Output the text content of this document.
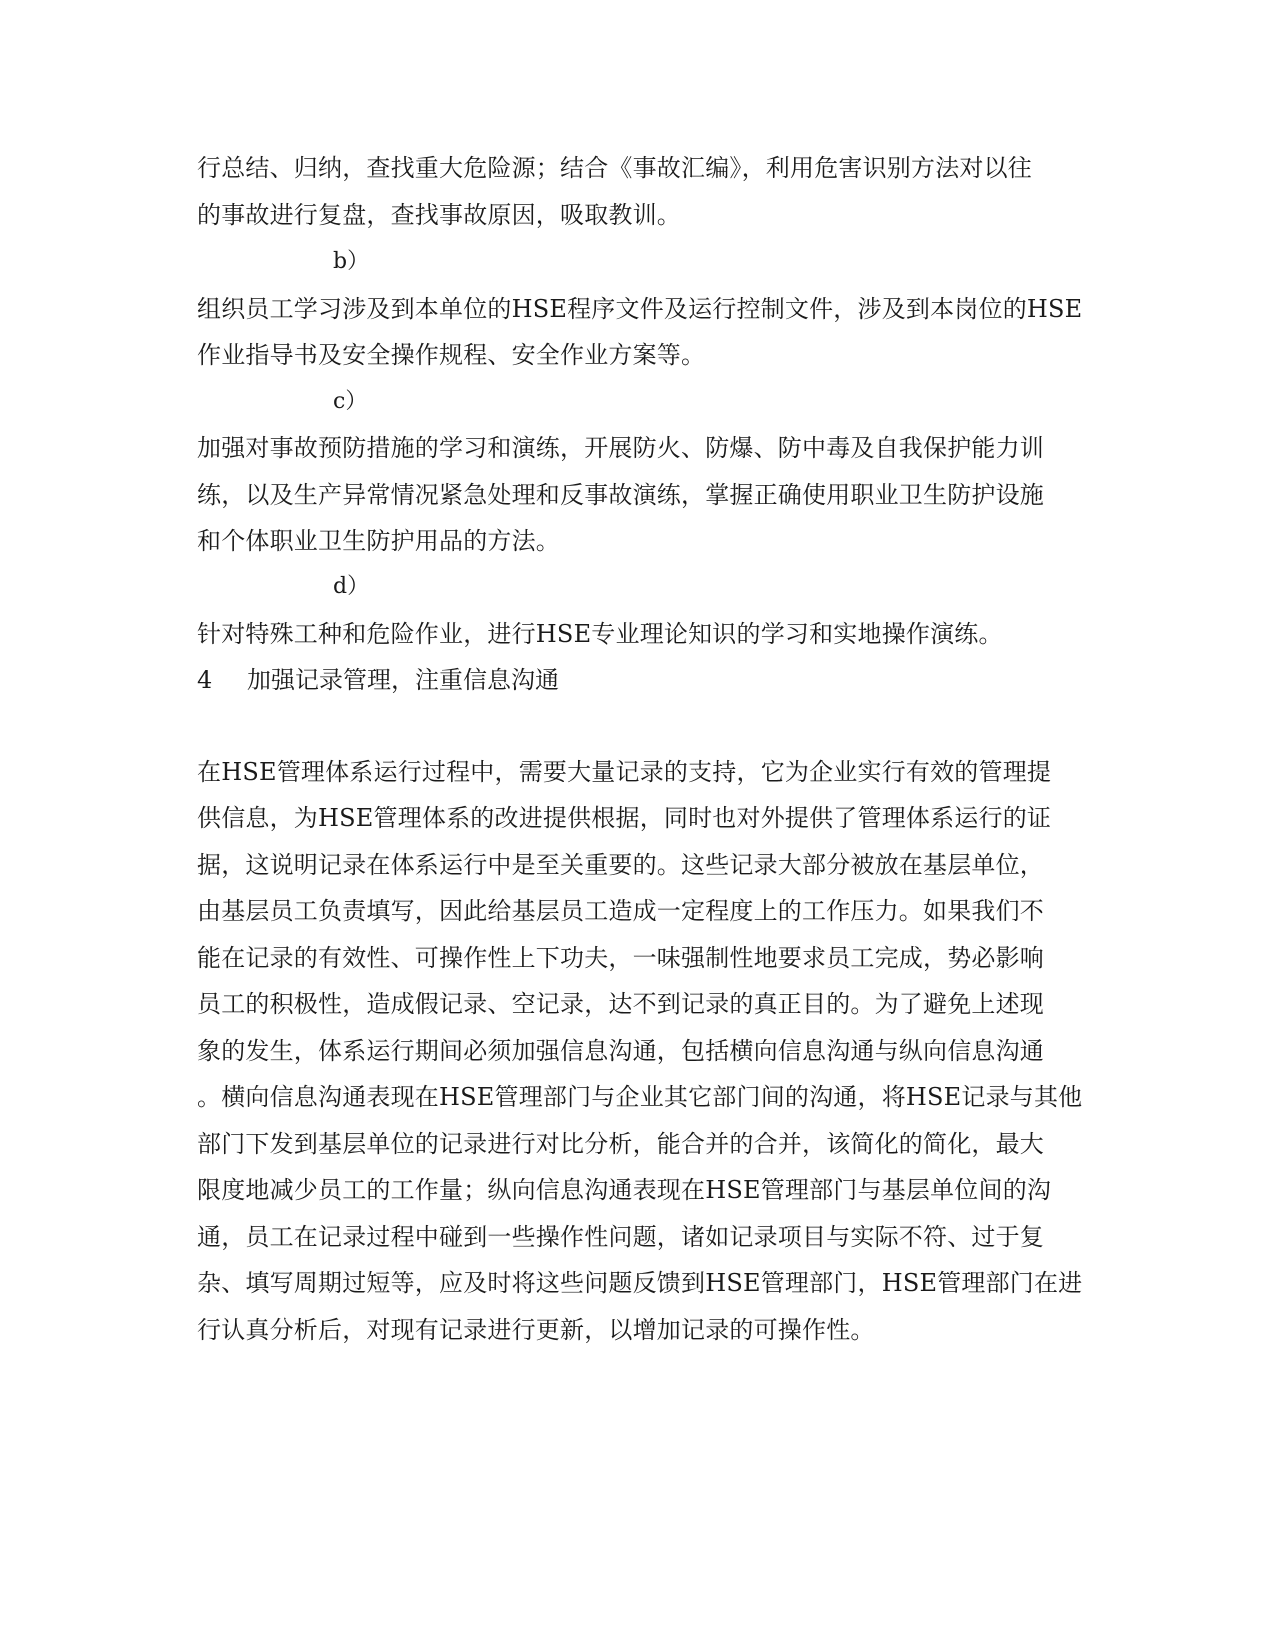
行总结、归纳，查找重大危险源；结合《事故汇编》，利用危害识别方法对以往
的事故进行复盘，查找事故原因，吸取教训。
b）
组织员工学习涉及到本单位的HSE程序文件及运行控制文件，涉及到本岗位的HSE
作业指导书及安全操作规程、安全作业方案等。
c）
加强对事故预防措施的学习和演练，开展防火、防爆、防中毒及自我保护能力训
练，以及生产异常情况紧急处理和反事故演练，掌握正确使用职业卫生防护设施
和个体职业卫生防护用品的方法。
d）
针对特殊工种和危险作业，进行HSE专业理论知识的学习和实地操作演练。
4 加强记录管理，注重信息沟通
在HSE管理体系运行过程中，需要大量记录的支持，它为企业实行有效的管理提
供信息，为HSE管理体系的改进提供根据，同时也对外提供了管理体系运行的证
据，这说明记录在体系运行中是至关重要的。这些记录大部分被放在基层单位，
由基层员工负责填写，因此给基层员工造成一定程度上的工作压力。如果我们不
能在记录的有效性、可操作性上下功夫，一味强制性地要求员工完成，势必影响
员工的积极性，造成假记录、空记录，达不到记录的真正目的。为了避免上述现
象的发生，体系运行期间必须加强信息沟通，包括横向信息沟通与纵向信息沟通
。横向信息沟通表现在HSE管理部门与企业其它部门间的沟通，将HSE记录与其他
部门下发到基层单位的记录进行对比分析，能合并的合并，该简化的简化，最大
限度地减少员工的工作量；纵向信息沟通表现在HSE管理部门与基层单位间的沟
通，员工在记录过程中碰到一些操作性问题，诸如记录项目与实际不符、过于复
杂、填写周期过短等，应及时将这些问题反馈到HSE管理部门，HSE管理部门在进
行认真分析后，对现有记录进行更新，以增加记录的可操作性。
